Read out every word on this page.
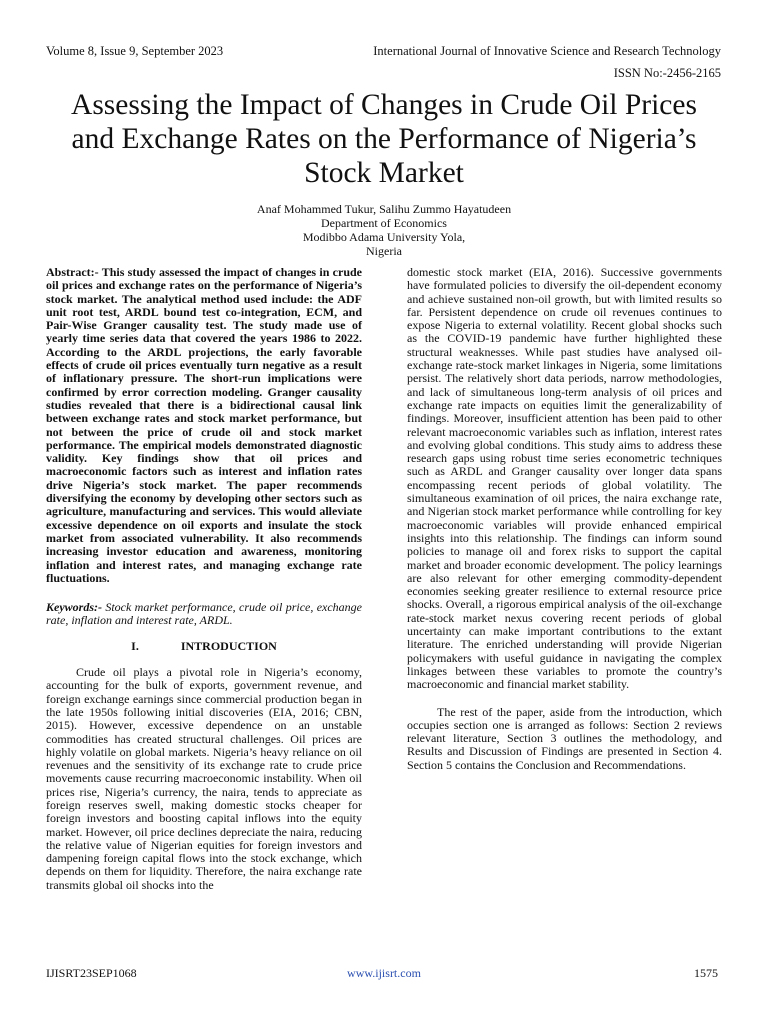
Volume 8, Issue 9, September 2023	International Journal of Innovative Science and Research Technology
ISSN No:-2456-2165
Assessing the Impact of Changes in Crude Oil Prices and Exchange Rates on the Performance of Nigeria’s Stock Market
Anaf Mohammed Tukur, Salihu Zummo Hayatudeen
Department of Economics
Modibbo Adama University Yola,
Nigeria

Abstract:- This study assessed the impact of changes in crude oil prices and exchange rates on the performance of Nigeria’s stock market. The analytical method used include: the ADF unit root test, ARDL bound test co-integration, ECM, and Pair-Wise Granger causality test. The study made use of yearly time series data that covered the years 1986 to 2022. According to the ARDL projections, the early favorable effects of crude oil prices eventually turn negative as a result of inflationary pressure. The short-run implications were confirmed by error correction modeling. Granger causality studies revealed that there is a bidirectional causal link between exchange rates and stock market performance, but not between the price of crude oil and stock market performance. The empirical models demonstrated diagnostic validity. Key findings show that oil prices and macroeconomic factors such as interest and inflation rates drive Nigeria’s stock market. The paper recommends diversifying the economy by developing other sectors such as agriculture, manufacturing and services. This would alleviate excessive dependence on oil exports and insulate the stock market from associated vulnerability. It also recommends increasing investor education and awareness, monitoring inflation and interest rates, and managing exchange rate fluctuations.

Keywords:- Stock market performance, crude oil price, exchange rate, inflation and interest rate, ARDL.

I.	INTRODUCTION

Crude oil plays a pivotal role in Nigeria’s economy, accounting for the bulk of exports, government revenue, and foreign exchange earnings since commercial production began in the late 1950s following initial discoveries (EIA, 2016; CBN, 2015). However, excessive dependence on an unstable commodities has created structural challenges. Oil prices are highly volatile on global markets. Nigeria’s heavy reliance on oil revenues and the sensitivity of its exchange rate to crude price movements cause recurring macroeconomic instability. When oil prices rise, Nigeria’s currency, the naira, tends to appreciate as foreign reserves swell, making domestic stocks cheaper for foreign investors and boosting capital inflows into the equity market. However, oil price declines depreciate the naira, reducing the relative value of Nigerian equities for foreign investors and dampening foreign capital flows into the stock exchange, which depends on them for liquidity. Therefore, the naira exchange rate transmits global oil shocks into the

domestic stock market (EIA, 2016). Successive governments have formulated policies to diversify the oil-dependent economy and achieve sustained non-oil growth, but with limited results so far. Persistent dependence on crude oil revenues continues to expose Nigeria to external volatility. Recent global shocks such as the COVID-19 pandemic have further highlighted these structural weaknesses. While past studies have analysed oil-exchange rate-stock market linkages in Nigeria, some limitations persist. The relatively short data periods, narrow methodologies, and lack of simultaneous long-term analysis of oil prices and exchange rate impacts on equities limit the generalizability of findings. Moreover, insufficient attention has been paid to other relevant macroeconomic variables such as inflation, interest rates and evolving global conditions. This study aims to address these research gaps using robust time series econometric techniques such as ARDL and Granger causality over longer data spans encompassing recent periods of global volatility. The simultaneous examination of oil prices, the naira exchange rate, and Nigerian stock market performance while controlling for key macroeconomic variables will provide enhanced empirical insights into this relationship. The findings can inform sound policies to manage oil and forex risks to support the capital market and broader economic development. The policy learnings are also relevant for other emerging commodity-dependent economies seeking greater resilience to external resource price shocks. Overall, a rigorous empirical analysis of the oil-exchange rate-stock market nexus covering recent periods of global uncertainty can make important contributions to the extant literature. The enriched understanding will provide Nigerian policymakers with useful guidance in navigating the complex linkages between these variables to promote the country’s macroeconomic and financial market stability.

The rest of the paper, aside from the introduction, which occupies section one is arranged as follows: Section 2 reviews relevant literature, Section 3 outlines the methodology, and Results and Discussion of Findings are presented in Section 4. Section 5 contains the Conclusion and Recommendations.

IJISRT23SEP1068	www.ijisrt.com	1575
